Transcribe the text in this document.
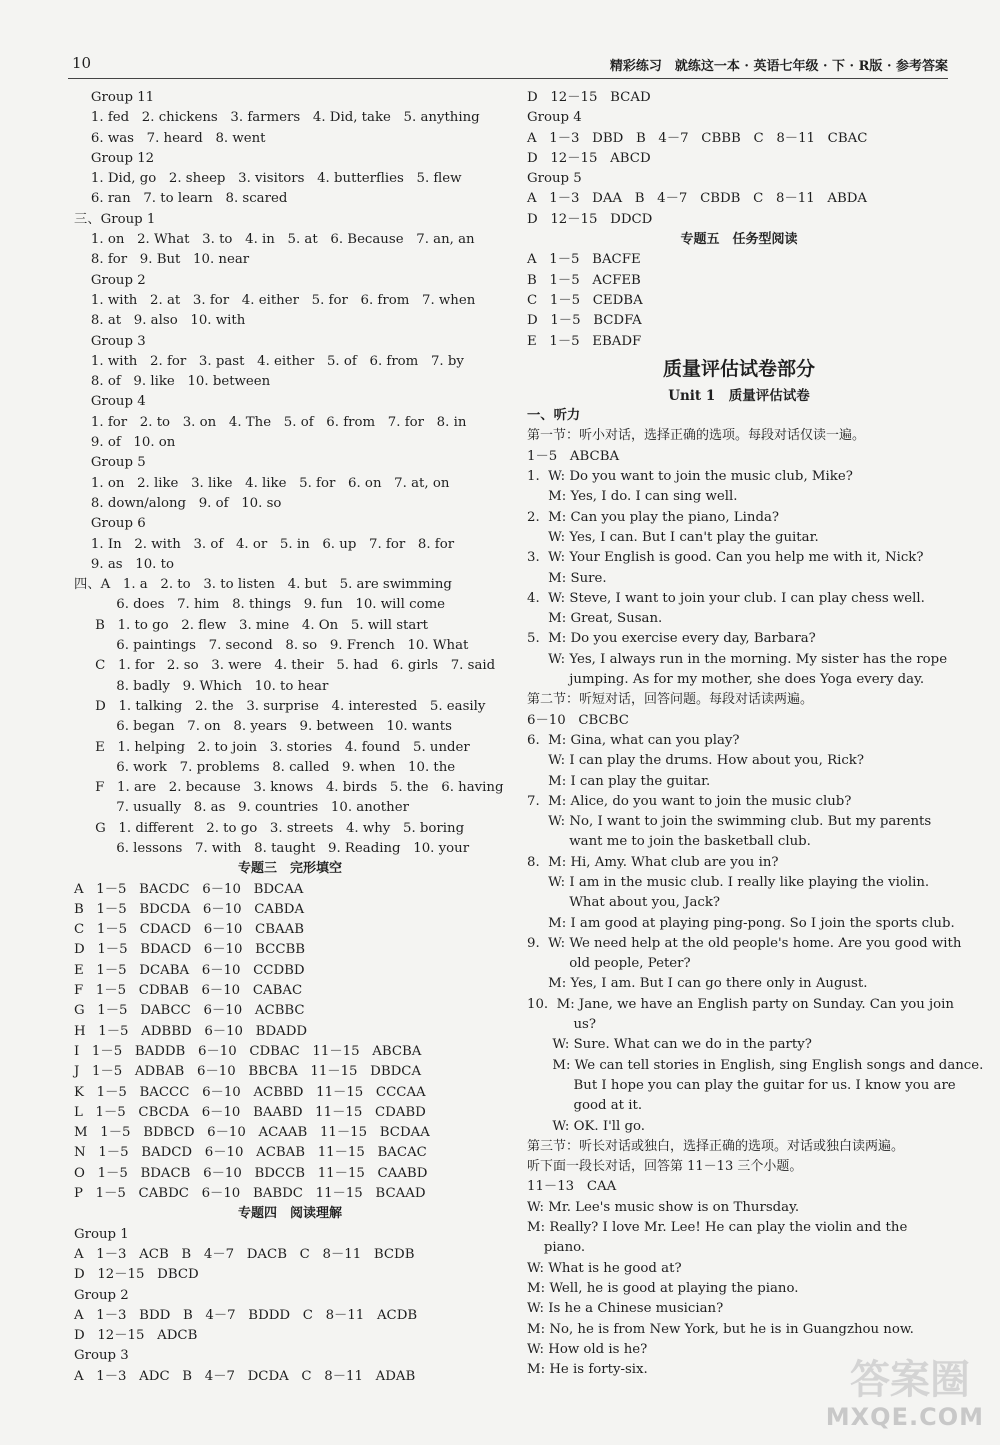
10	精彩练习　就练这一本 · 英语七年级 · 下 · R版 · 参考答案
Group 11
1. fed   2. chickens   3. farmers   4. Did, take   5. anything
6. was   7. heard   8. went
Group 12
1. Did, go   2. sheep   3. visitors   4. butterflies   5. flew
6. ran   7. to learn   8. scared
三、Group 1
1. on   2. What   3. to   4. in   5. at   6. Because   7. an, an
8. for   9. But   10. near
Group 2
1. with   2. at   3. for   4. either   5. for   6. from   7. when
8. at   9. also   10. with
Group 3
1. with   2. for   3. past   4. either   5. of   6. from   7. by
8. of   9. like   10. between
Group 4
1. for   2. to   3. on   4. The   5. of   6. from   7. for   8. in
9. of   10. on
Group 5
1. on   2. like   3. like   4. like   5. for   6. on   7. at, on
8. down/along   9. of   10. so
Group 6
1. In   2. with   3. of   4. or   5. in   6. up   7. for   8. for
9. as   10. to
四、A   1. a   2. to   3. to listen   4. but   5. are swimming
6. does   7. him   8. things   9. fun   10. will come
B   1. to go   2. flew   3. mine   4. On   5. will start
6. paintings   7. second   8. so   9. French   10. What
C   1. for   2. so   3. were   4. their   5. had   6. girls   7. said
8. badly   9. Which   10. to hear
D   1. talking   2. the   3. surprise   4. interested   5. easily
6. began   7. on   8. years   9. between   10. wants
E   1. helping   2. to join   3. stories   4. found   5. under
6. work   7. problems   8. called   9. when   10. the
F   1. are   2. because   3. knows   4. birds   5. the   6. having
7. usually   8. as   9. countries   10. another
G   1. different   2. to go   3. streets   4. why   5. boring
6. lessons   7. with   8. taught   9. Reading   10. your
专题三　完形填空
A   1－5   BACDC   6－10   BDCAA
B   1－5   BDCDA   6－10   CABDA
C   1－5   CDACD   6－10   CBAAB
D   1－5   BDACD   6－10   BCCBB
E   1－5   DCABA   6－10   CCDBD
F   1－5   CDBAB   6－10   CABAC
G   1－5   DABCC   6－10   ACBBC
H   1－5   ADBBD   6－10   BDADD
I   1－5   BADDB   6－10   CDBAC   11－15   ABCBA
J   1－5   ADBAB   6－10   BBCBA   11－15   DBDCA
K   1－5   BACCC   6－10   ACBBD   11－15   CCCAA
L   1－5   CBCDA   6－10   BAABD   11－15   CDABD
M   1－5   BDBCD   6－10   ACAAB   11－15   BCDAA
N   1－5   BADCD   6－10   ACBAB   11－15   BACAC
O   1－5   BDACB   6－10   BDCCB   11－15   CAABD
P   1－5   CABDC   6－10   BABDC   11－15   BCAAD
专题四　阅读理解
Group 1
A   1－3   ACB   B   4－7   DACB   C   8－11   BCDB
D   12－15   DBCD
Group 2
A   1－3   BDD   B   4－7   BDDD   C   8－11   ACDB
D   12－15   ADCB
Group 3
A   1－3   ADC   B   4－7   DCDA   C   8－11   ADAB
D   12－15   BCAD
Group 4
A   1－3   DBD   B   4－7   CBBB   C   8－11   CBAC
D   12－15   ABCD
Group 5
A   1－3   DAA   B   4－7   CBDB   C   8－11   ABDA
D   12－15   DDCD
专题五　任务型阅读
A   1－5   BACFE
B   1－5   ACFEB
C   1－5   CEDBA
D   1－5   BCDFA
E   1－5   EBADF
质量评估试卷部分
Unit 1　质量评估试卷
一、听力
第一节：听小对话，选择正确的选项。每段对话仅读一遍。
1－5   ABCBA
1.  W: Do you want to join the music club, Mike?
M: Yes, I do. I can sing well.
2.  M: Can you play the piano, Linda?
W: Yes, I can. But I can't play the guitar.
3.  W: Your English is good. Can you help me with it, Nick?
M: Sure.
4.  W: Steve, I want to join your club. I can play chess well.
M: Great, Susan.
5.  M: Do you exercise every day, Barbara?
W: Yes, I always run in the morning. My sister has the rope
jumping. As for my mother, she does Yoga every day.
第二节：听短对话，回答问题。每段对话读两遍。
6－10   CBCBC
6.  M: Gina, what can you play?
W: I can play the drums. How about you, Rick?
M: I can play the guitar.
7.  M: Alice, do you want to join the music club?
W: No, I want to join the swimming club. But my parents
want me to join the basketball club.
8.  M: Hi, Amy. What club are you in?
W: I am in the music club. I really like playing the violin.
What about you, Jack?
M: I am good at playing ping-pong. So I join the sports club.
9.  W: We need help at the old people's home. Are you good with
old people, Peter?
M: Yes, I am. But I can go there only in August.
10.  M: Jane, we have an English party on Sunday. Can you join
us?
W: Sure. What can we do in the party?
M: We can tell stories in English, sing English songs and dance.
But I hope you can play the guitar for us. I know you are
good at it.
W: OK. I'll go.
第三节：听长对话或独白，选择正确的选项。对话或独白读两遍。
听下面一段长对话，回答第 11－13 三个小题。
11－13   CAA
W: Mr. Lee's music show is on Thursday.
M: Really? I love Mr. Lee! He can play the violin and the
piano.
W: What is he good at?
M: Well, he is good at playing the piano.
W: Is he a Chinese musician?
M: No, he is from New York, but he is in Guangzhou now.
W: How old is he?
M: He is forty-six.	答案圈
MXQE.COM
